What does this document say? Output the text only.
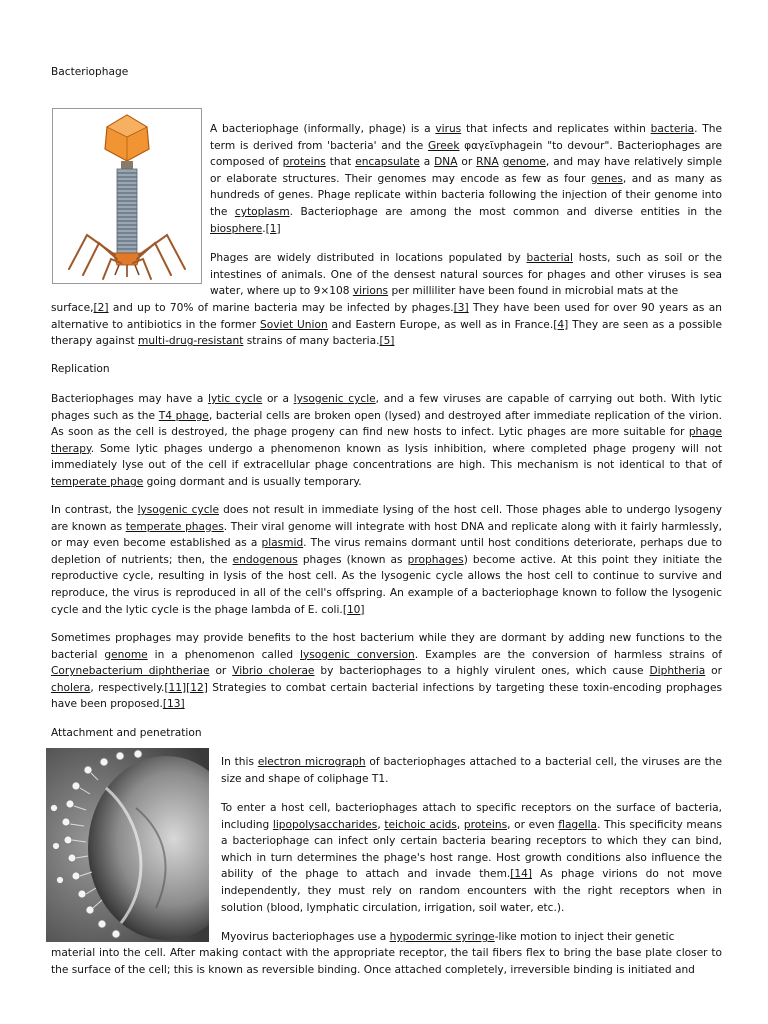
Bacteriophage
A bacteriophage (informally, phage) is a virus that infects and replicates within bacteria. The term is derived from 'bacteria' and the Greek φαγεῖνphagein "to devour". Bacteriophages are composed of proteins that encapsulate a DNA or RNA genome, and may have relatively simple or elaborate structures. Their genomes may encode as few as four genes, and as many as hundreds of genes. Phage replicate within bacteria following the injection of their genome into the cytoplasm. Bacteriophage are among the most common and diverse entities in the biosphere.[1]
Phages are widely distributed in locations populated by bacterial hosts, such as soil or the intestines of animals. One of the densest natural sources for phages and other viruses is sea water, where up to 9×108 virions per milliliter have been found in microbial mats at the
surface,[2] and up to 70% of marine bacteria may be infected by phages.[3] They have been used for over 90 years as an alternative to antibiotics in the former Soviet Union and Eastern Europe, as well as in France.[4] They are seen as a possible therapy against multi-drug-resistant strains of many bacteria.[5]
Replication
Bacteriophages may have a lytic cycle or a lysogenic cycle, and a few viruses are capable of carrying out both. With lytic phages such as the T4 phage, bacterial cells are broken open (lysed) and destroyed after immediate replication of the virion. As soon as the cell is destroyed, the phage progeny can find new hosts to infect. Lytic phages are more suitable for phage therapy. Some lytic phages undergo a phenomenon known as lysis inhibition, where completed phage progeny will not immediately lyse out of the cell if extracellular phage concentrations are high. This mechanism is not identical to that of temperate phage going dormant and is usually temporary.
In contrast, the lysogenic cycle does not result in immediate lysing of the host cell. Those phages able to undergo lysogeny are known as temperate phages. Their viral genome will integrate with host DNA and replicate along with it fairly harmlessly, or may even become established as a plasmid. The virus remains dormant until host conditions deteriorate, perhaps due to depletion of nutrients; then, the endogenous phages (known as prophages) become active. At this point they initiate the reproductive cycle, resulting in lysis of the host cell. As the lysogenic cycle allows the host cell to continue to survive and reproduce, the virus is reproduced in all of the cell's offspring. An example of a bacteriophage known to follow the lysogenic cycle and the lytic cycle is the phage lambda of E. coli.[10]
Sometimes prophages may provide benefits to the host bacterium while they are dormant by adding new functions to the bacterial genome in a phenomenon called lysogenic conversion. Examples are the conversion of harmless strains of Corynebacterium diphtheriae or Vibrio cholerae by bacteriophages to a highly virulent ones, which cause Diphtheria or cholera, respectively.[11][12] Strategies to combat certain bacterial infections by targeting these toxin-encoding prophages have been proposed.[13]
Attachment and penetration
In this electron micrograph of bacteriophages attached to a bacterial cell, the viruses are the size and shape of coliphage T1.
To enter a host cell, bacteriophages attach to specific receptors on the surface of bacteria, including lipopolysaccharides, teichoic acids, proteins, or even flagella. This specificity means a bacteriophage can infect only certain bacteria bearing receptors to which they can bind, which in turn determines the phage's host range. Host growth conditions also influence the ability of the phage to attach and invade them.[14] As phage virions do not move independently, they must rely on random encounters with the right receptors when in solution (blood, lymphatic circulation, irrigation, soil water, etc.).
Myovirus bacteriophages use a hypodermic syringe-like motion to inject their genetic
material into the cell. After making contact with the appropriate receptor, the tail fibers flex to bring the base plate closer to the surface of the cell; this is known as reversible binding. Once attached completely, irreversible binding is initiated and
